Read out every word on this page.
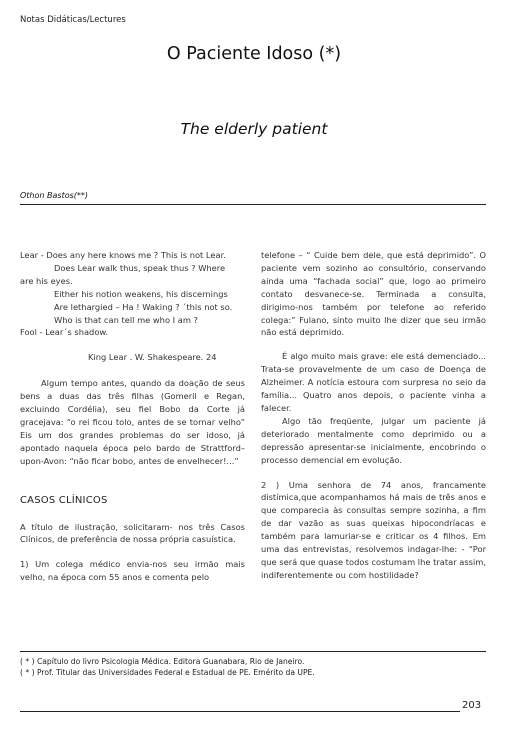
Notas Didáticas/Lectures
O Paciente Idoso (*)
The elderly patient
Othon Bastos(**)

Lear - Does any here knows me ? This is not Lear.

Does Lear walk thus, speak thus ? Where

are his eyes.

Either his notion weakens, his discernings

Are lethargied – Ha ! Waking ? ´this not so.

Who is that can tell me who I am ?

Fool - Lear´s shadow.

King Lear . W. Shakespeare. 24

Algum tempo antes, quando da doação de seus bens a duas das três filhas (Gomeril e Regan, excluindo Cordélia), seu fiel Bobo da Corte já gracejava: “o rei ficou tolo, antes de se tornar velho” Eis um dos grandes problemas do ser idoso, já apontado naquela época pelo bardo de Strattford–upon-Avon: “não ficar bobo, antes de envelhecer!...”

CASOS CLÍNICOS

A título de ilustração, solicitaram- nos três Casos Clínicos, de preferência de nossa própria casuística.

1) Um colega médico envia-nos seu irmão mais velho, na época com 55 anos e comenta pelo

telefone – “ Cuide bem dele, que está deprimido”. O paciente vem sozinho ao consultório, conservando ainda uma “fachada social” que, logo ao primeiro contato desvanece-se. Terminada a consulta, dirigimo-nos também por telefone ao referido colega:” Fulano, sinto muito lhe dizer que seu irmão não está deprimido.

É algo muito mais grave: ele está demenciado... Trata-se provavelmente de um caso de Doença de Alzheimer. A notícia estoura com surpresa no seio da família... Quatro anos depois, o paciente vinha a falecer.

Algo tão freqüente, julgar um paciente já deteriorado mentalmente como deprimido ou a depressão apresentar-se inicialmente, encobrindo o processo demencial em evolução.

2 ) Uma senhora de 74 anos, francamente distímica,que acompanhamos há mais de três anos e que comparecia às consultas sempre sozinha, a fim de dar vazão as suas queixas hipocondríacas e também para lamuriar-se e criticar os 4 filhos. Em uma das entrevistas, resolvemos indagar-lhe: - “Por que será que quase todos costumam lhe tratar assim, indiferentemente ou com hostilidade?

( * ) Capítulo do livro Psicologia Médica. Editora Guanabara, Rio de Janeiro.
( * ) Prof. Titular das Universidades Federal e Estadual de PE. Emérito da UPE.
203
